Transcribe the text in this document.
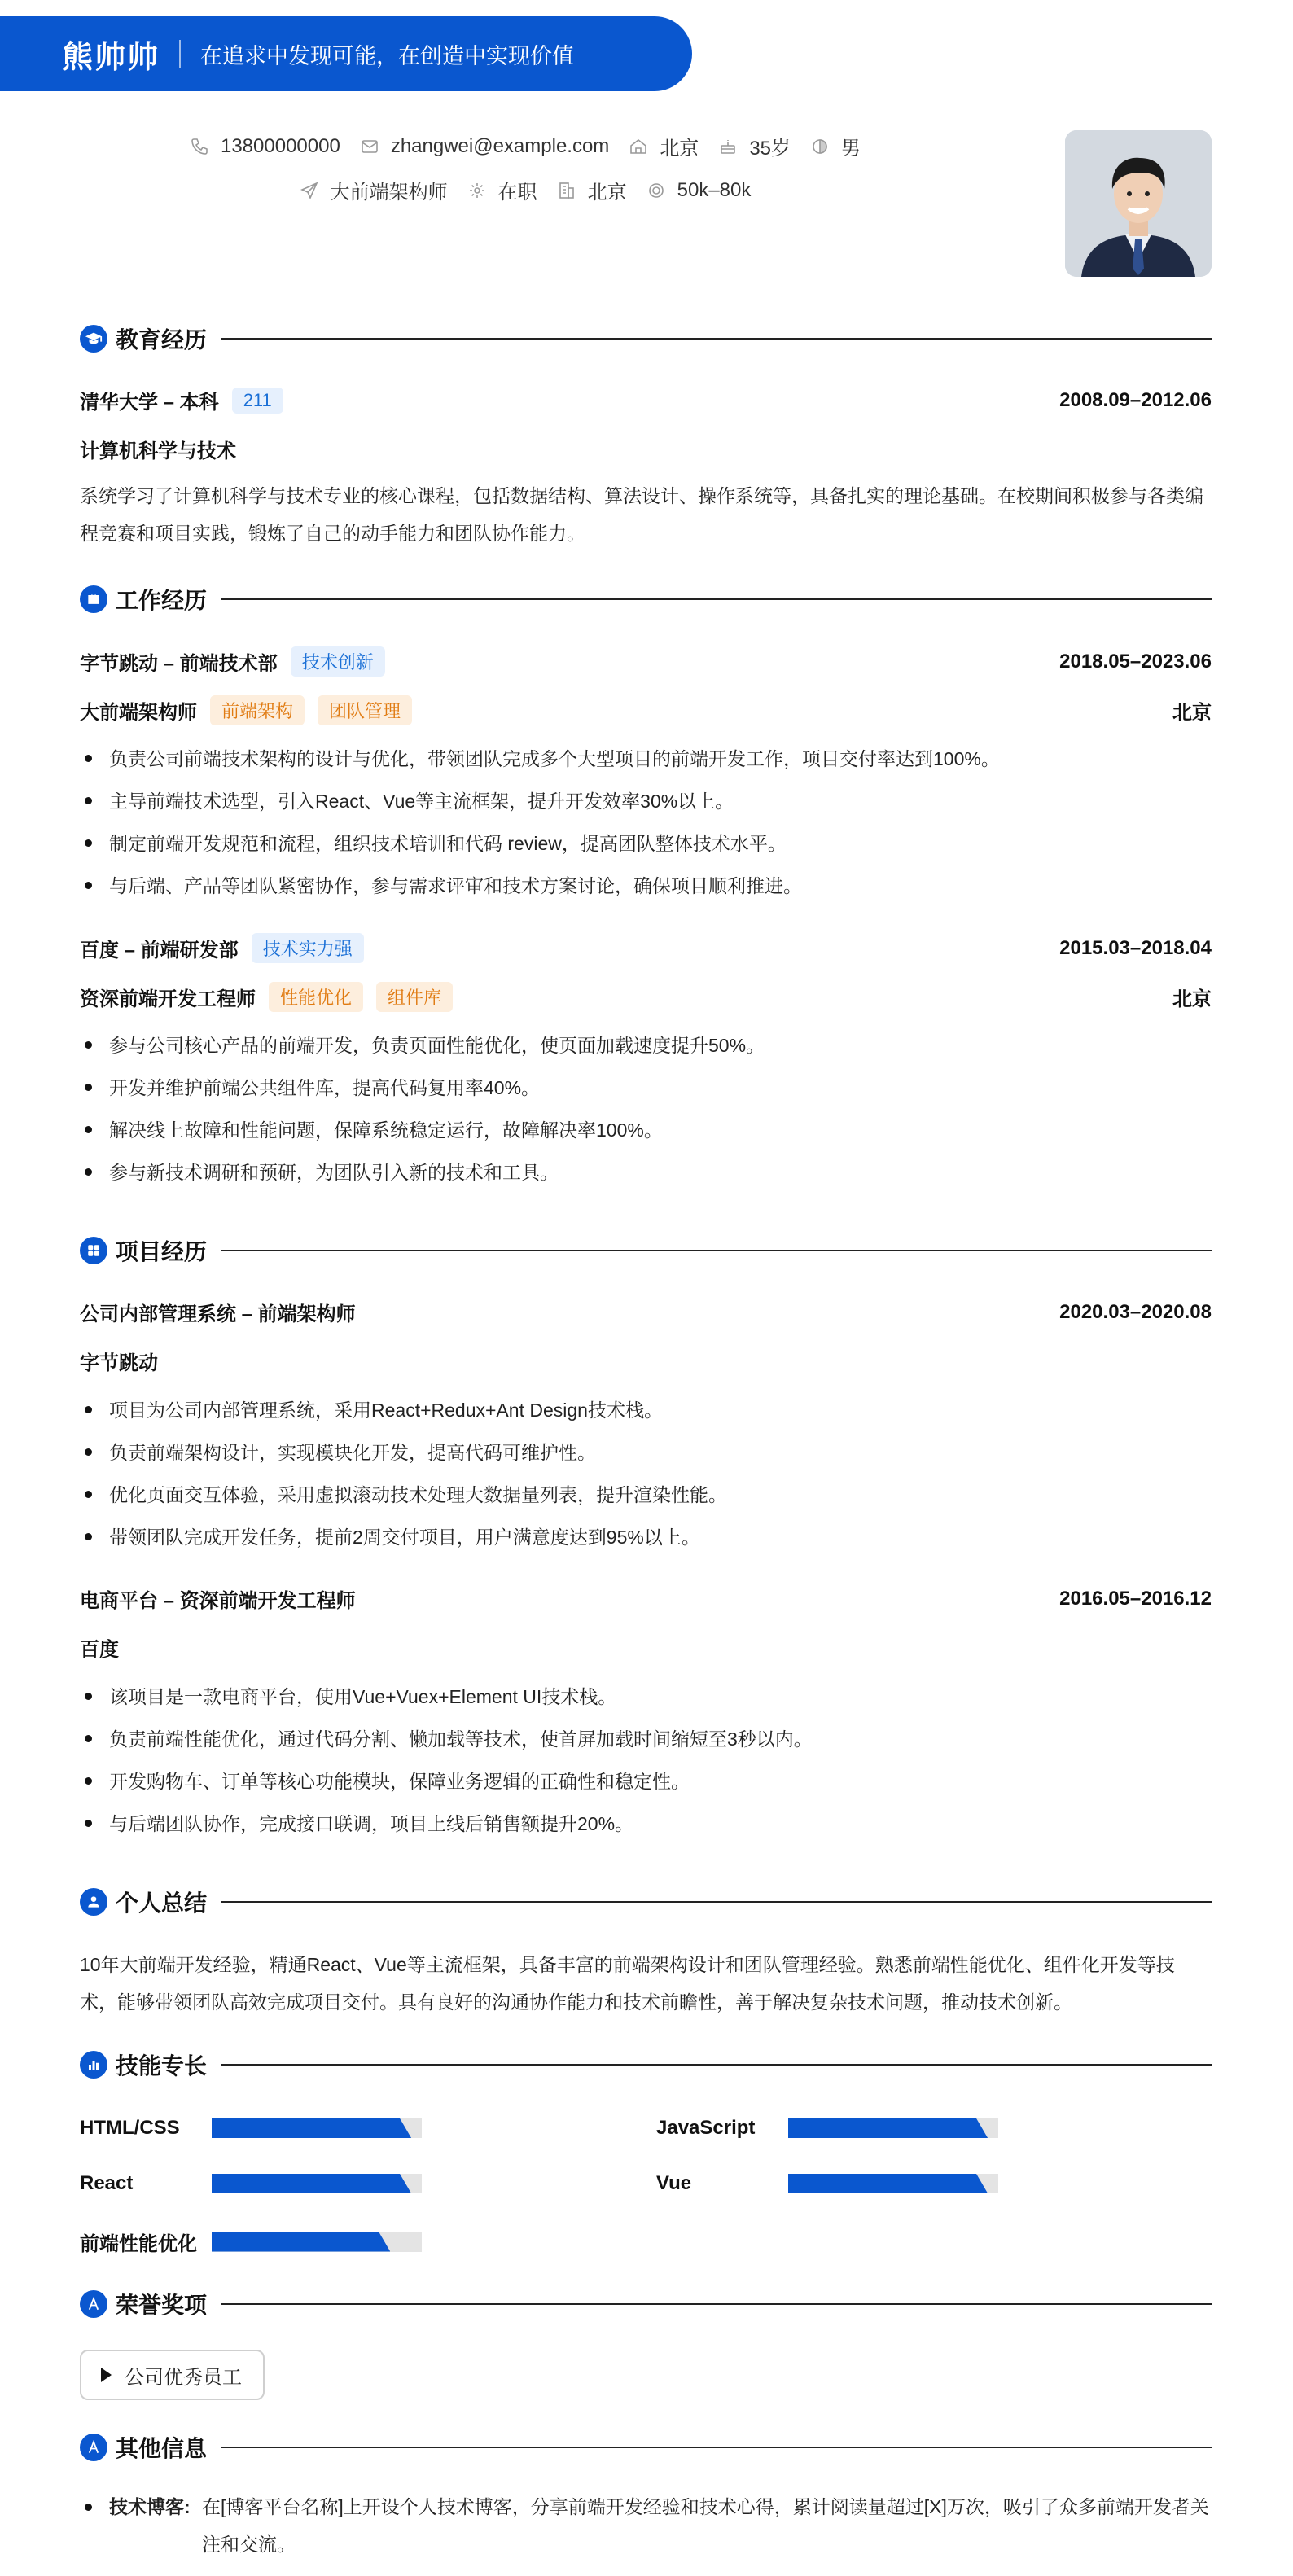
熊帅帅 在追求中发现可能，在创造中实现价值
13800000000	zhangwei@example.com	北京	35岁	男
大前端架构师	在职	北京	50k–80k
教育经历
清华大学 – 本科	211	2008.09–2012.06
计算机科学与技术
系统学习了计算机科学与技术专业的核心课程，包括数据结构、算法设计、操作系统等，具备扎实的理论基础。在校期间积极参与各类编程竞赛和项目实践，锻炼了自己的动手能力和团队协作能力。
工作经历
字节跳动 – 前端技术部	技术创新	2018.05–2023.06
大前端架构师	前端架构	团队管理	北京
负责公司前端技术架构的设计与优化，带领团队完成多个大型项目的前端开发工作，项目交付率达到100%。
主导前端技术选型，引入React、Vue等主流框架，提升开发效率30%以上。
制定前端开发规范和流程，组织技术培训和代码 review，提高团队整体技术水平。
与后端、产品等团队紧密协作，参与需求评审和技术方案讨论，确保项目顺利推进。
百度 – 前端研发部	技术实力强	2015.03–2018.04
资深前端开发工程师	性能优化	组件库	北京
参与公司核心产品的前端开发，负责页面性能优化，使页面加载速度提升50%。
开发并维护前端公共组件库，提高代码复用率40%。
解决线上故障和性能问题，保障系统稳定运行，故障解决率100%。
参与新技术调研和预研，为团队引入新的技术和工具。
项目经历
公司内部管理系统 – 前端架构师	2020.03–2020.08
字节跳动
项目为公司内部管理系统，采用React+Redux+Ant Design技术栈。
负责前端架构设计，实现模块化开发，提高代码可维护性。
优化页面交互体验，采用虚拟滚动技术处理大数据量列表，提升渲染性能。
带领团队完成开发任务，提前2周交付项目，用户满意度达到95%以上。
电商平台 – 资深前端开发工程师	2016.05–2016.12
百度
该项目是一款电商平台，使用Vue+Vuex+Element UI技术栈。
负责前端性能优化，通过代码分割、懒加载等技术，使首屏加载时间缩短至3秒以内。
开发购物车、订单等核心功能模块，保障业务逻辑的正确性和稳定性。
与后端团队协作，完成接口联调，项目上线后销售额提升20%。
个人总结
10年大前端开发经验，精通React、Vue等主流框架，具备丰富的前端架构设计和团队管理经验。熟悉前端性能优化、组件化开发等技术，能够带领团队高效完成项目交付。具有良好的沟通协作能力和技术前瞻性，善于解决复杂技术问题，推动技术创新。
技能专长
HTML/CSS	JavaScript
React	Vue
前端性能优化
荣誉奖项
公司优秀员工
其他信息
技术博客: 在[博客平台名称]上开设个人技术博客，分享前端开发经验和技术心得，累计阅读量超过[X]万次，吸引了众多前端开发者关注和交流。
